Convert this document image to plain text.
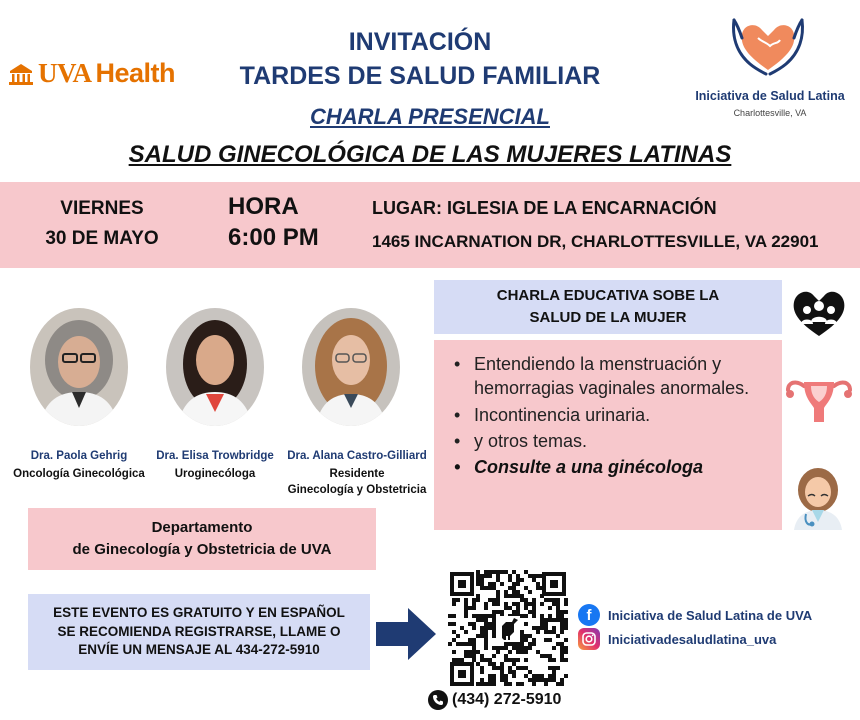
UVA Health
INVITACIÓN
TARDES DE SALUD FAMILIAR
CHARLA PRESENCIAL
SALUD GINECOLÓGICA DE LAS MUJERES LATINAS
Iniciativa de Salud Latina
Charlottesville, VA
VIERNES
30 DE MAYO
HORA
6:00 PM
LUGAR: IGLESIA DE LA ENCARNACIÓN
1465 INCARNATION DR, CHARLOTTESVILLE, VA 22901
Dra. Paola Gehrig
Oncología Ginecológica
Dra. Elisa Trowbridge
Uroginecóloga
Dra. Alana Castro-Gilliard
Residente
Ginecología y Obstetricia
CHARLA EDUCATIVA SOBE LA
SALUD DE LA MUJER
• Entendiendo la menstruación y hemorragias vaginales anormales.
• Incontinencia urinaria.
• y otros temas.
• Consulte a una ginécologa
Departamento
de Ginecología y Obstetricia de UVA
ESTE EVENTO ES GRATUITO Y EN ESPAÑOL
SE RECOMIENDA REGISTRARSE, LLAME O
ENVÍE UN MENSAJE AL 434-272-5910
f	Iniciativa de Salud Latina de UVA
Iniciativadesaludlatina_uva
(434) 272-5910
